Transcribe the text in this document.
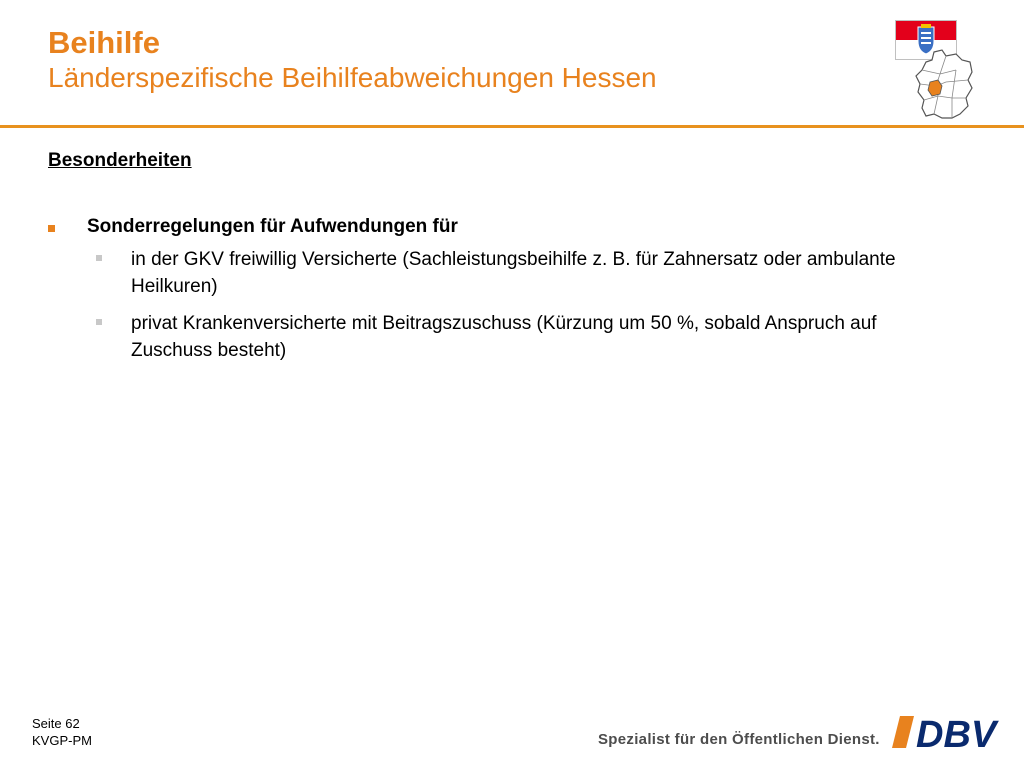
Beihilfe
Länderspezifische Beihilfeabweichungen Hessen
Besonderheiten
Sonderregelungen für Aufwendungen für
in der GKV freiwillig Versicherte (Sachleistungsbeihilfe z. B. für Zahnersatz oder ambulante Heilkuren)
privat Krankenversicherte mit Beitragszuschuss (Kürzung um 50 %, sobald Anspruch auf Zuschuss besteht)
Seite 62
KVGP-PM	Spezialist für den Öffentlichen Dienst. DBV
